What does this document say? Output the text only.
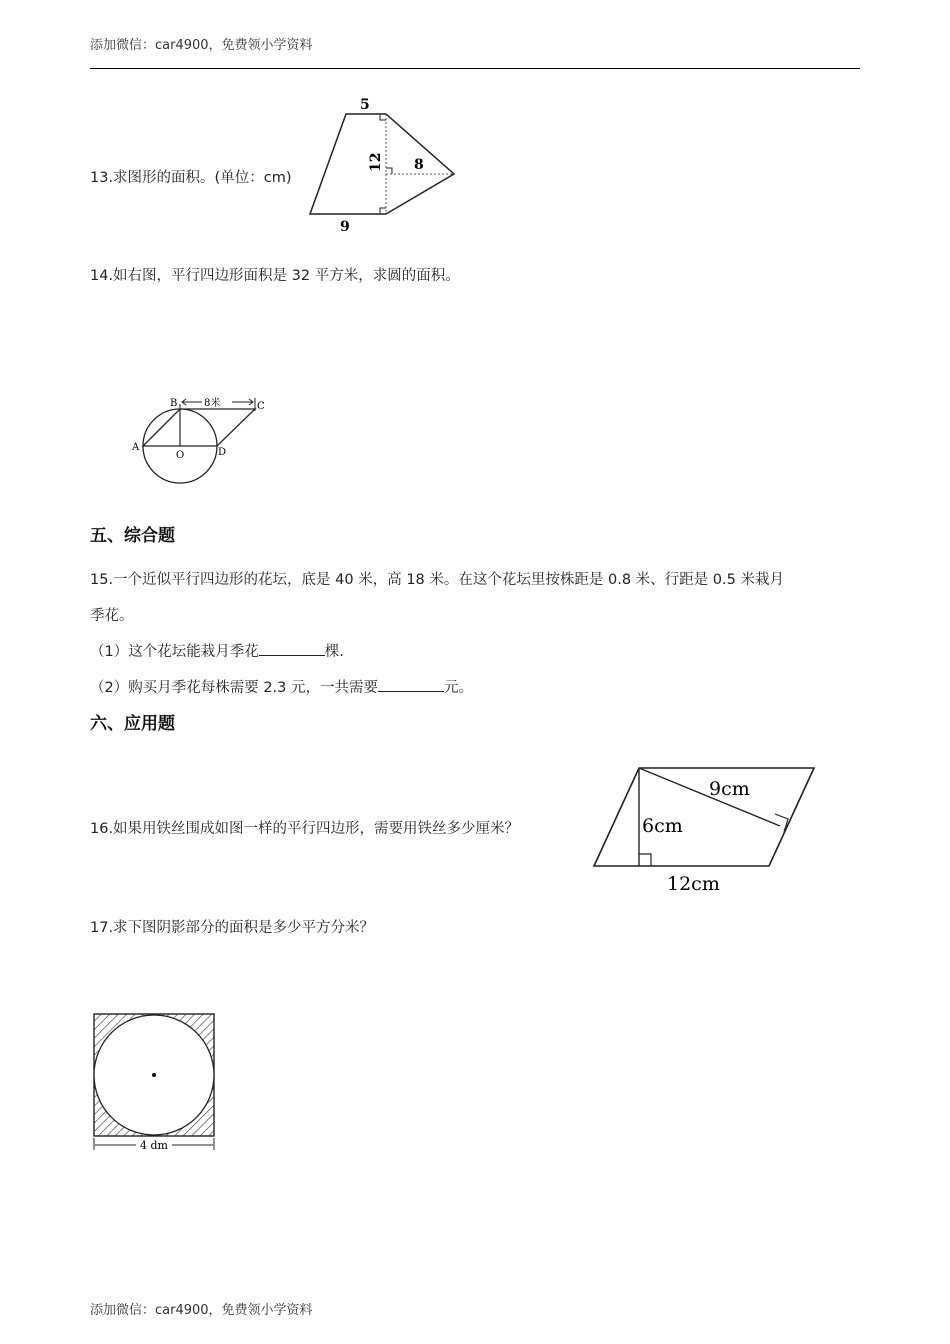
添加微信：car4900，免费领小学资料
13.求图形的面积。(单位：cm)
5
12 8
9
14.如右图，平行四边形面积是 32 平方米，求圆的面积。
8米
B	C
A
O	D
五、综合题
15.一个近似平行四边形的花坛，底是 40 米，高 18 米。在这个花坛里按株距是 0.8 米、行距是 0.5 米栽月
季花。
（1）这个花坛能栽月季花	棵.
（2）购买月季花每株需要 2.3 元，一共需要	元。
六、应用题
16.如果用铁丝围成如图一样的平行四边形，需要用铁丝多少厘米？
9cm
6cm
12cm
17.求下图阴影部分的面积是多少平方分米？
4 dm
添加微信：car4900，免费领小学资料
